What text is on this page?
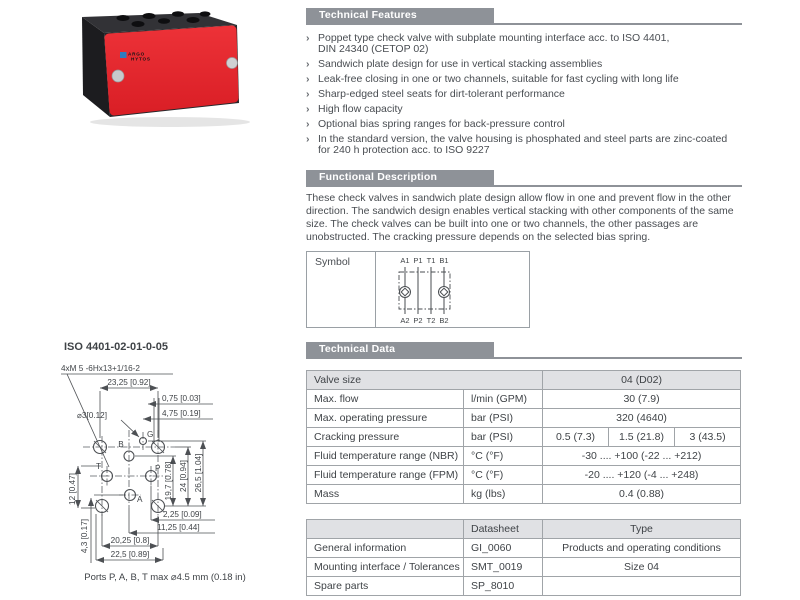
ARGO
HYTOS
Technical Features
› Poppet type check valve with subplate mounting interface acc. to ISO 4401,
DIN 24340 (CETOP 02)
› Sandwich plate design for use in vertical stacking assemblies
› Leak-free closing in one or two channels, suitable for fast cycling with long life
› Sharp-edged steel seats for dirt-tolerant performance
› High flow capacity
› Optional bias spring ranges for back-pressure control
› In the standard version, the valve housing is phosphated and steel parts are zinc-coated
for 240 h protection acc. to ISO 9227
Functional Description
These check valves in sandwich plate design allow flow in one and prevent flow in the other
direction. The sandwich design enables vertical stacking with other components of the same
size. The check valves can be built into one or two channels, the other passages are
unobstructed. The cracking pressure depends on the selected bias spring.
Symbol	A1 P1 T1 B1
A2 P2 T2 B2
ISO 4401-02-01-0-05
4xM 5 -6Hx13+1/16-2
23,25 [0.92]
0,75 [0.03]
4,75 [0.19]
⌀3[0.12]
19,7 [0.78] 24 [0.94] 26,5 [1.04]
2,25 [0.09]
11,25 [0.44]
20,25 [0.8]
22,5 [0.89]
12 [0.47]
4,3 [0.17]
B
G
T	P
A
Ports P, A, B, T max ⌀4.5 mm (0.18 in)
Technical Data
Valve size		04 (D02)		
Max. flow	l/min (GPM)	30 (7.9)		
Max. operating pressure	bar (PSI)	320 (4640)		
Cracking pressure	bar (PSI)	0.5 (7.3)	1.5 (21.8)	3 (43.5)
Fluid temperature range (NBR)	°C (°F)	-30 .... +100 (-22 ... +212)		
Fluid temperature range (FPM)	°C (°F)	-20 .... +120 (-4 ... +248)		
Mass	kg (lbs)	0.4 (0.88)		
	Datasheet	Type
General information	GI_0060	Products and operating conditions
Mounting interface / Tolerances	SMT_0019	Size 04
Spare parts	SP_8010	
